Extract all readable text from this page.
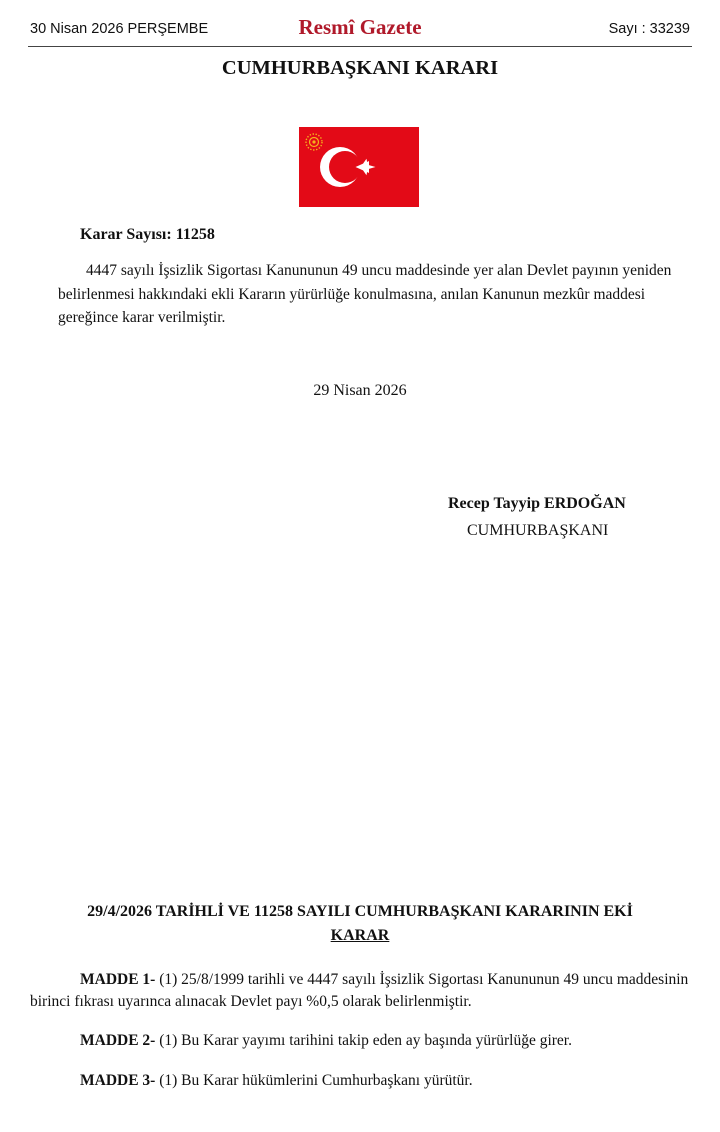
30 Nisan 2026 PERŞEMBE	Resmî Gazete	Sayı : 33239
CUMHURBAŞKANI KARARI
Karar Sayısı: 11258
4447 sayılı İşsizlik Sigortası Kanununun 49 uncu maddesinde yer alan Devlet payının yeniden belirlenmesi hakkındaki ekli Kararın yürürlüğe konulmasına, anılan Kanunun mezkûr maddesi gereğince karar verilmiştir.
29 Nisan 2026
Recep Tayyip ERDOĞAN
CUMHURBAŞKANI
29/4/2026 TARİHLİ VE 11258 SAYILI CUMHURBAŞKANI KARARININ EKİ
KARAR
MADDE 1- (1) 25/8/1999 tarihli ve 4447 sayılı İşsizlik Sigortası Kanununun 49 uncu maddesinin birinci fıkrası uyarınca alınacak Devlet payı %0,5 olarak belirlenmiştir.
MADDE 2- (1) Bu Karar yayımı tarihini takip eden ay başında yürürlüğe girer.
MADDE 3- (1) Bu Karar hükümlerini Cumhurbaşkanı yürütür.
